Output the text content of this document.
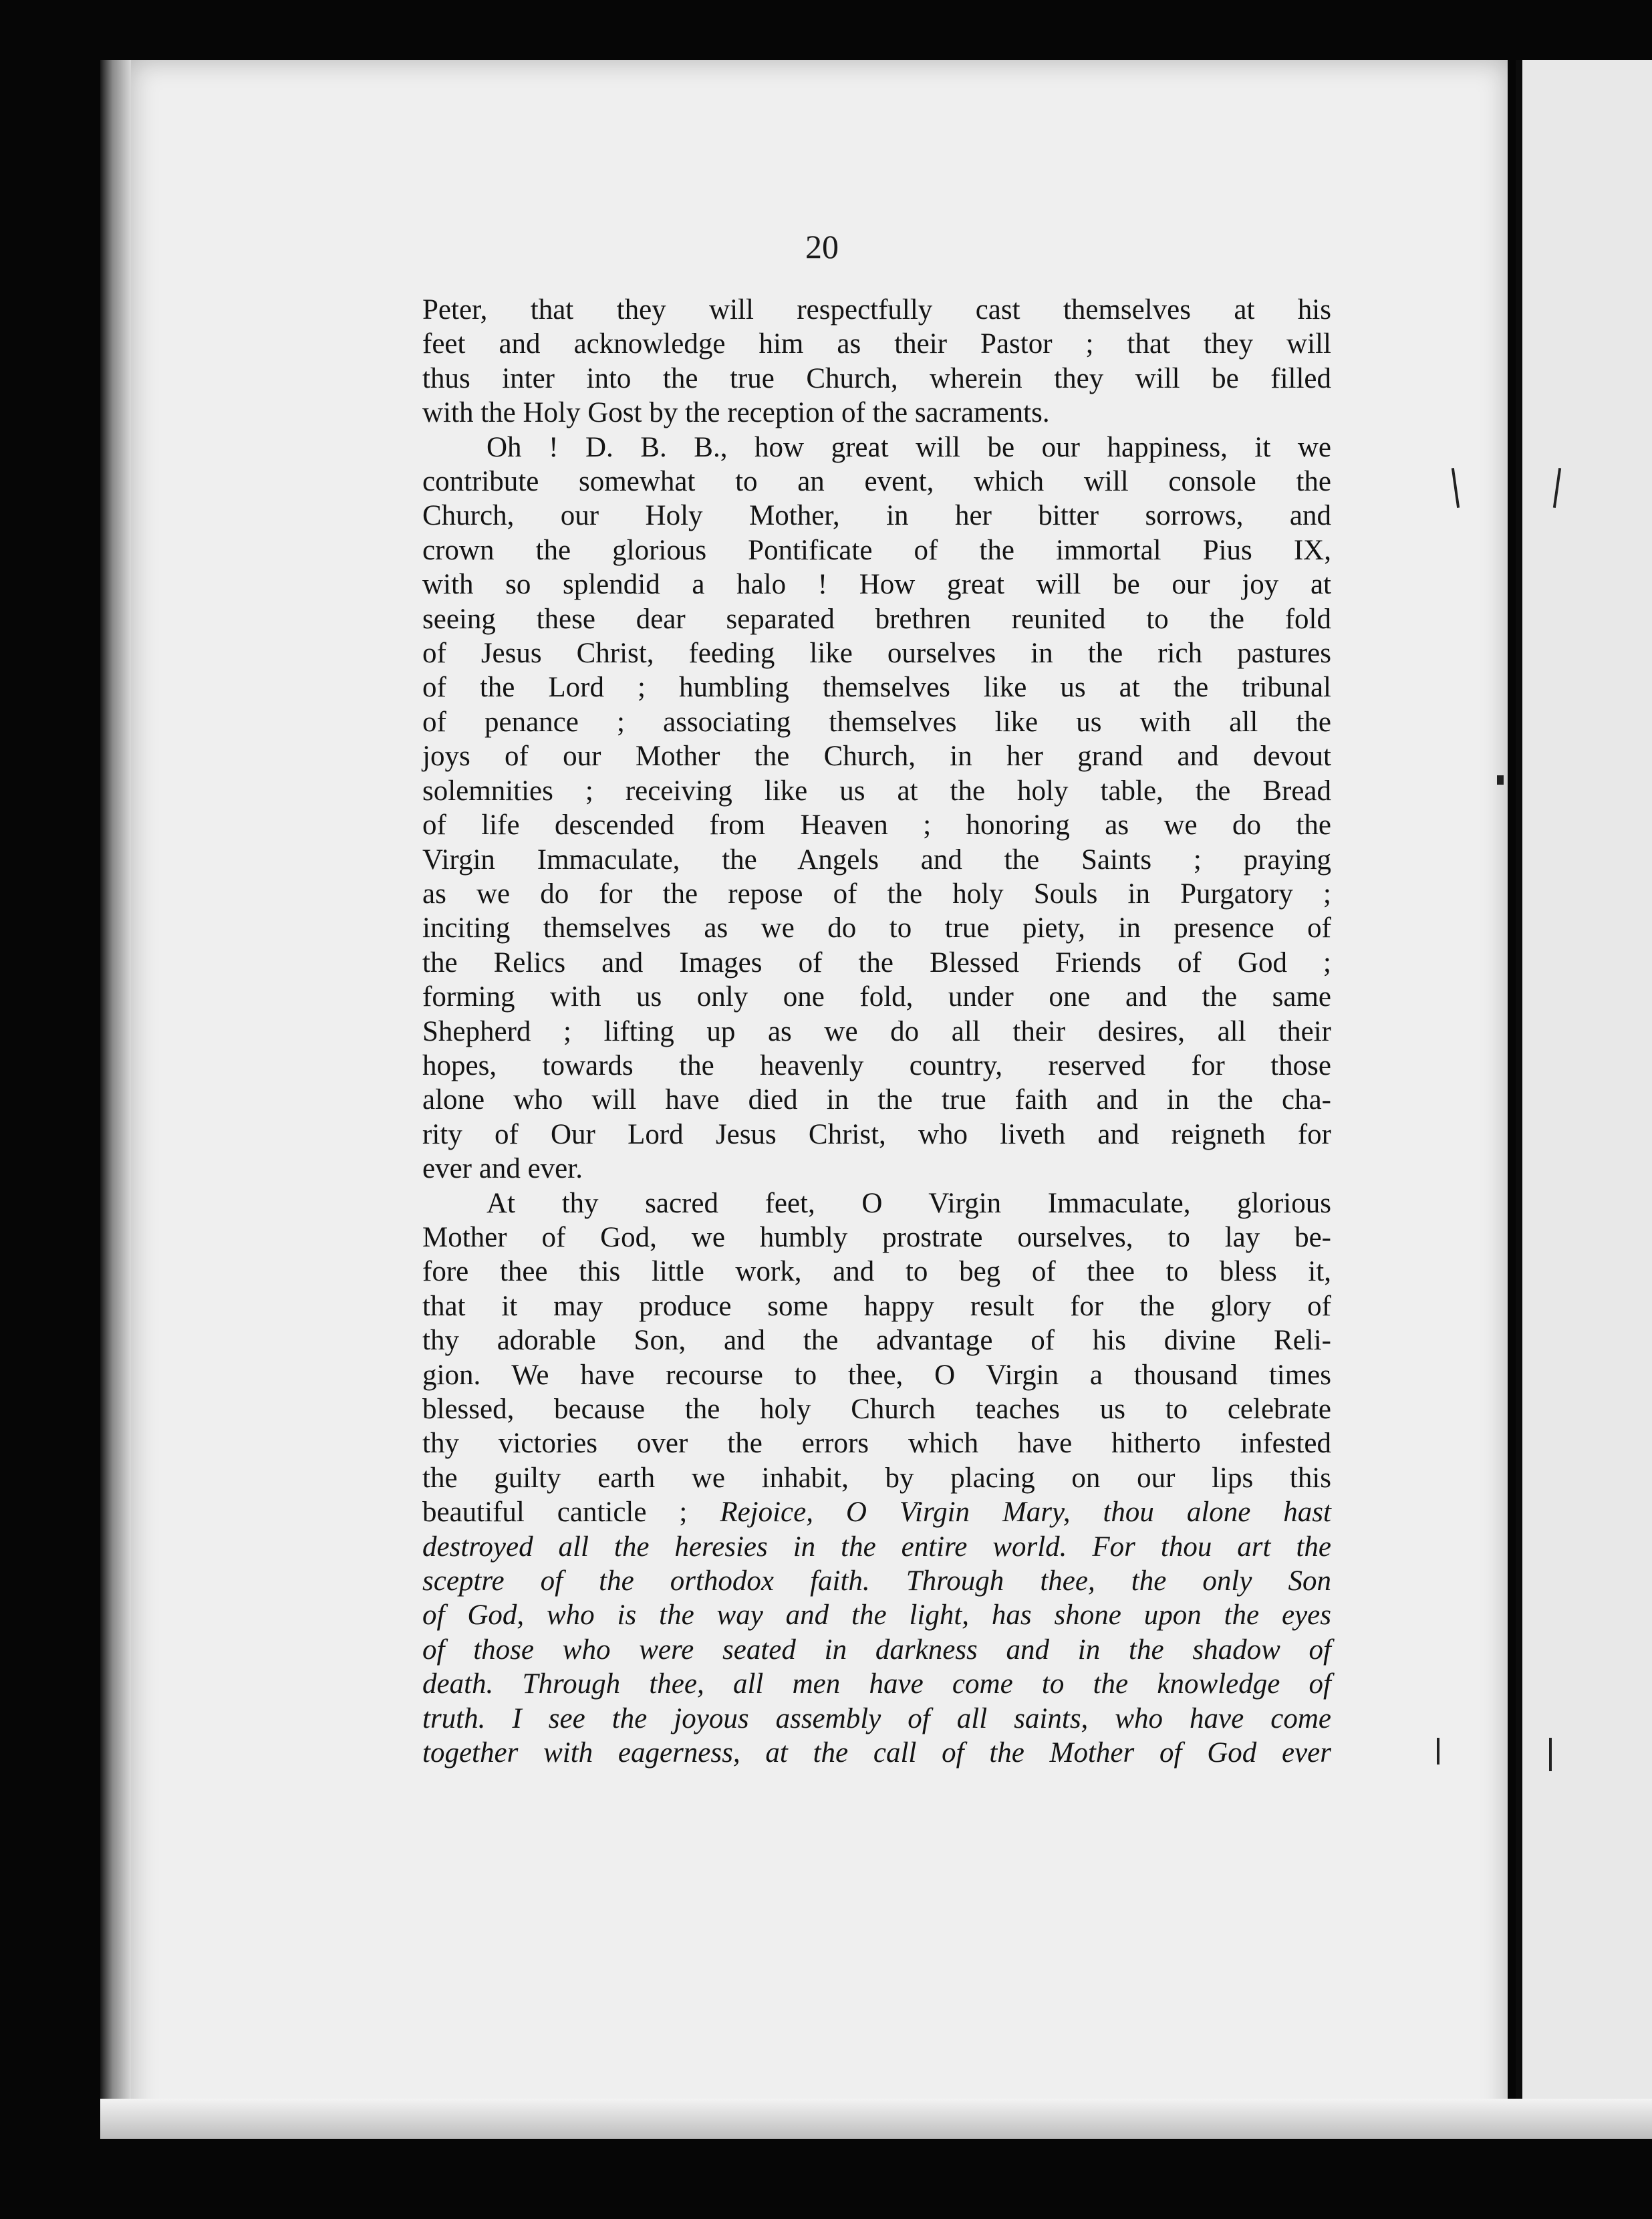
20

Peter, that they will respectfully cast themselves at his

feet and acknowledge him as their Pastor ; that they will

thus inter into the true Church, wherein they will be filled

with the Holy Gost by the reception of the sacraments.

Oh ! D. B. B., how great will be our happiness, it we

contribute somewhat to an event, which will console the

Church, our Holy Mother, in her bitter sorrows, and

crown the glorious Pontificate of the immortal Pius IX,

with so splendid a halo ! How great will be our joy at

seeing these dear separated brethren reunited to the fold

of Jesus Christ, feeding like ourselves in the rich pastures

of the Lord ; humbling themselves like us at the tribunal

of penance ; associating themselves like us with all the

joys of our Mother the Church, in her grand and devout

solemnities ; receiving like us at the holy table, the Bread

of life descended from Heaven ; honoring as we do the

Virgin Immaculate, the Angels and the Saints ; praying

as we do for the repose of the holy Souls in Purgatory ;

inciting themselves as we do to true piety, in presence of

the Relics and Images of the Blessed Friends of God ;

forming with us only one fold, under one and the same

Shepherd ; lifting up as we do all their desires, all their

hopes, towards the heavenly country, reserved for those

alone who will have died in the true faith and in the cha-

rity of Our Lord Jesus Christ, who liveth and reigneth for

ever and ever.

At thy sacred feet, O Virgin Immaculate, glorious

Mother of God, we humbly prostrate ourselves, to lay be-

fore thee this little work, and to beg of thee to bless it,

that it may produce some happy result for the glory of

thy adorable Son, and the advantage of his divine Reli-

gion. We have recourse to thee, O Virgin a thousand times

blessed, because the holy Church teaches us to celebrate

thy victories over the errors which have hitherto infested

the guilty earth we inhabit, by placing on our lips this

beautiful canticle ; Rejoice, O Virgin Mary, thou alone hast

destroyed all the heresies in the entire world. For thou art the

sceptre of the orthodox faith. Through thee, the only Son

of God, who is the way and the light, has shone upon the eyes

of those who were seated in darkness and in the shadow of

death. Through thee, all men have come to the knowledge of

truth. I see the joyous assembly of all saints, who have come

together with eagerness, at the call of the Mother of God ever
